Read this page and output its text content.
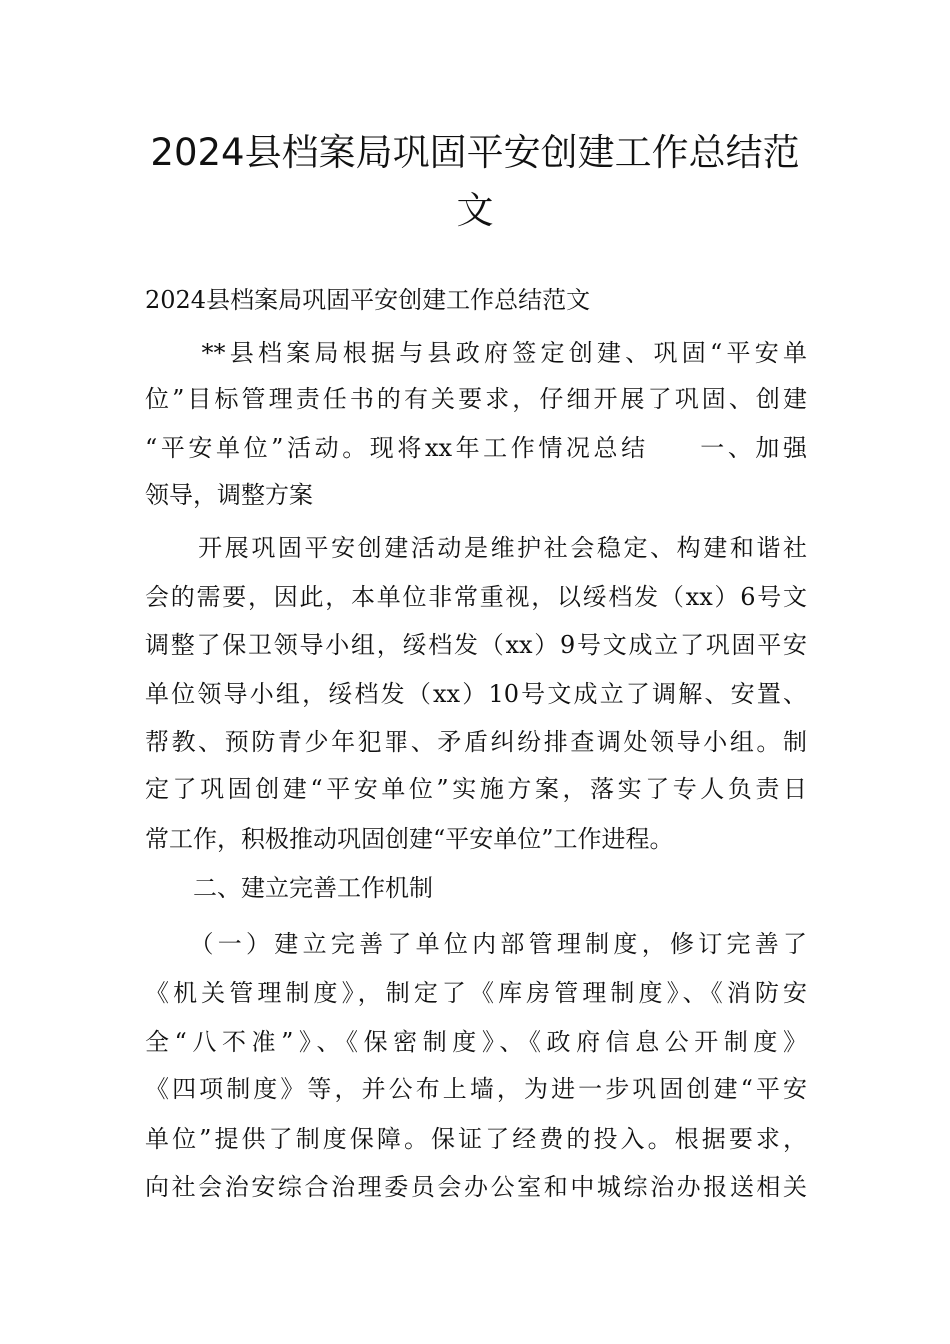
2024县档案局巩固平安创建工作总结范
文
2024县档案局巩固平安创建工作总结范文
　　**县档案局根据与县政府签定创建、巩固“平安单
位”目标管理责任书的有关要求，仔细开展了巩固、创建
“平安单位”活动。现将xx年工作情况总结 一、加强
领导，调整方案
　　开展巩固平安创建活动是维护社会稳定、构建和谐社
会的需要，因此，本单位非常重视，以绥档发（xx）6号文
调整了保卫领导小组，绥档发（xx）9号文成立了巩固平安
单位领导小组，绥档发（xx）10号文成立了调解、安置、
帮教、预防青少年犯罪、矛盾纠纷排查调处领导小组。制
定了巩固创建“平安单位”实施方案，落实了专人负责日
常工作，积极推动巩固创建“平安单位”工作进程。
　　二、建立完善工作机制
　　（一）建立完善了单位内部管理制度，修订完善了
《机关管理制度》，制定了《库房管理制度》、《消防安
全“八不准”》、《保密制度》、《政府信息公开制度》
《四项制度》等，并公布上墙，为进一步巩固创建“平安
单位”提供了制度保障。保证了经费的投入。根据要求，
向社会治安综合治理委员会办公室和中城综治办报送相关
